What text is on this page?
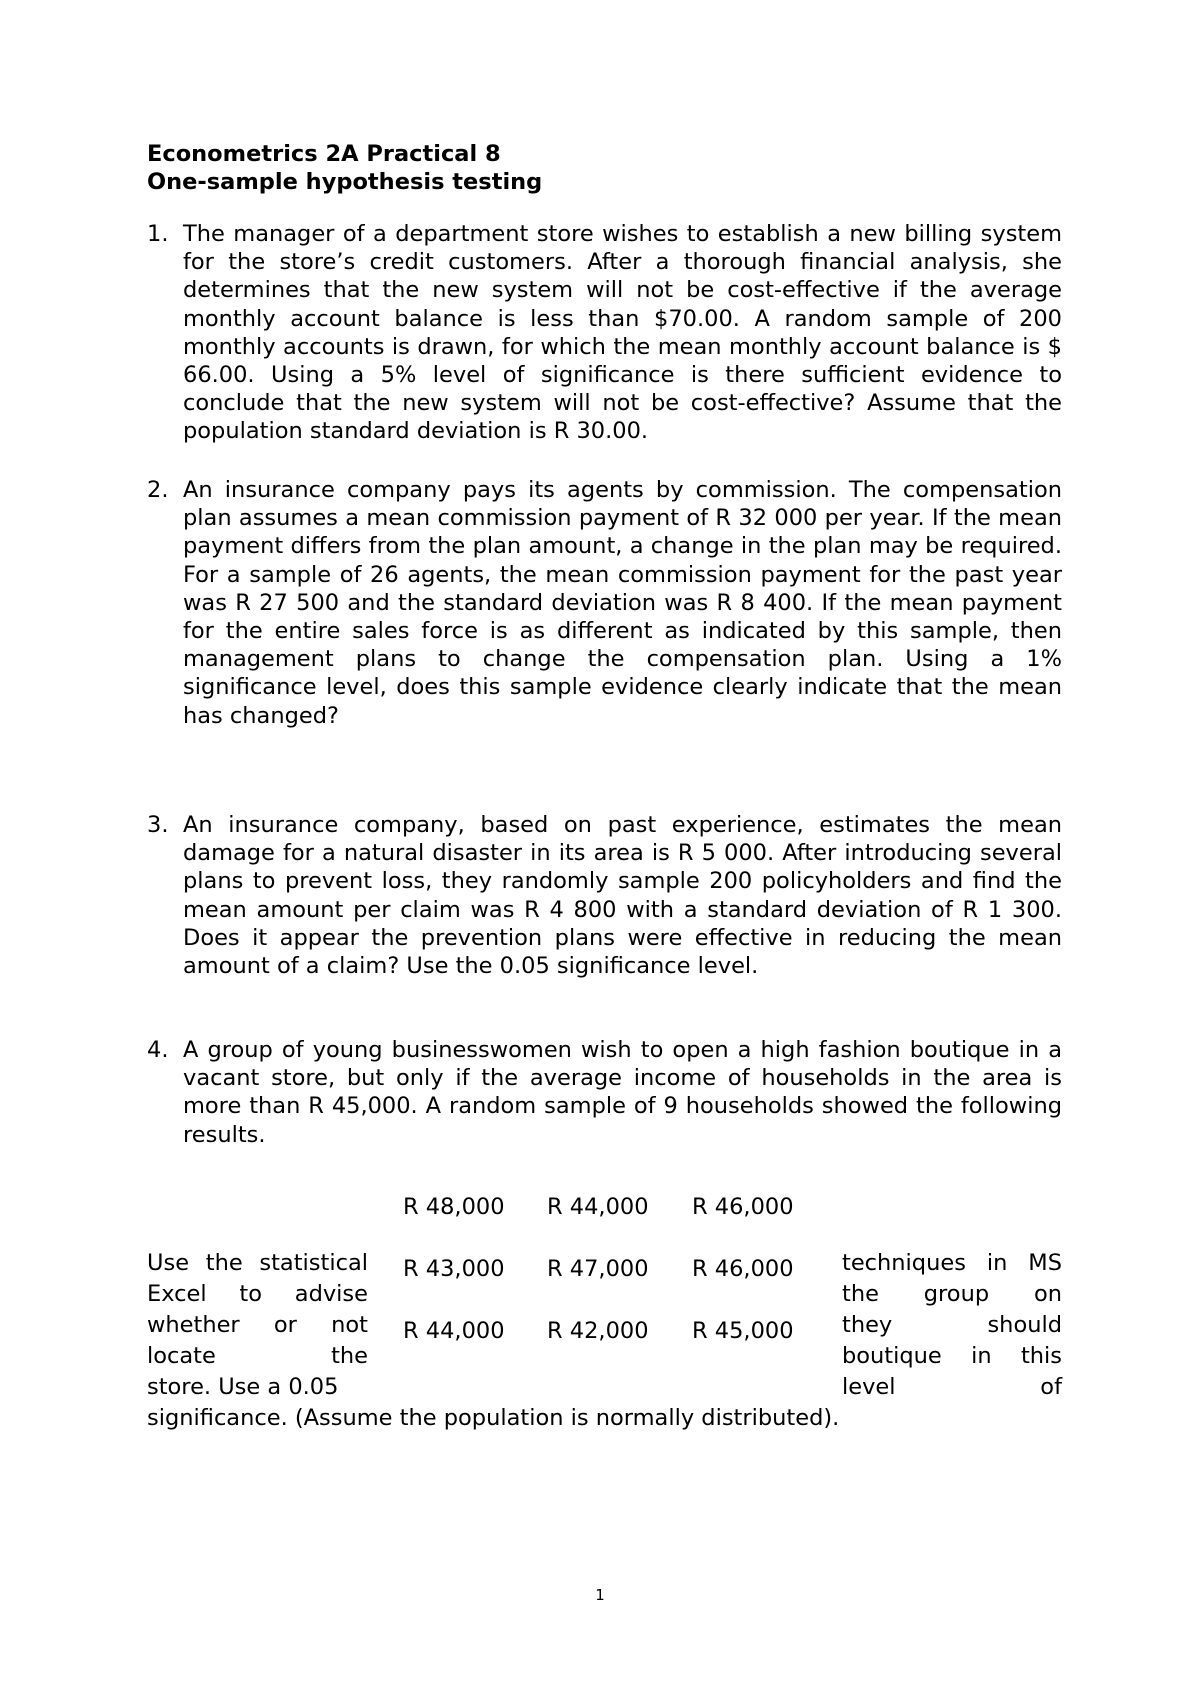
Econometrics 2A Practical 8

One-sample hypothesis testing

1. The manager of a department store wishes to establish a new billing system for the store’s credit customers. After a thorough financial analysis, she determines that the new system will not be cost-effective if the average monthly account balance is less than $70.00. A random sample of 200 monthly accounts is drawn, for which the mean monthly account balance is $ 66.00. Using a 5% level of significance is there sufficient evidence to conclude that the new system will not be cost-effective? Assume that the population standard deviation is R 30.00.
2. An insurance company pays its agents by commission. The compensation plan assumes a mean commission payment of R 32 000 per year. If the mean payment differs from the plan amount, a change in the plan may be required. For a sample of 26 agents, the mean commission payment for the past year was R 27 500 and the standard deviation was R 8 400. If the mean payment for the entire sales force is as different as indicated by this sample, then management plans to change the compensation plan. Using a 1% significance level, does this sample evidence clearly indicate that the mean has changed?
3. An insurance company, based on past experience, estimates the mean damage for a natural disaster in its area is R 5 000. After introducing several plans to prevent loss, they randomly sample 200 policyholders and find the mean amount per claim was R 4 800 with a standard deviation of R 1 300. Does it appear the prevention plans were effective in reducing the mean amount of a claim? Use the 0.05 significance level.
4. A group of young businesswomen wish to open a high fashion boutique in a vacant store, but only if the average income of households in the area is more than R 45,000. A random sample of 9 households showed the following results.
R 48,000 R 44,000 R 46,000
R 43,000 R 47,000 R 46,000
R 44,000 R 42,000 R 45,000
Use the statistical
Excel to advise
whether or not
locate the
store. Use a 0.05
techniques in MS
the group on
they should
boutique in this
level of
significance. (Assume the population is normally distributed).
1
